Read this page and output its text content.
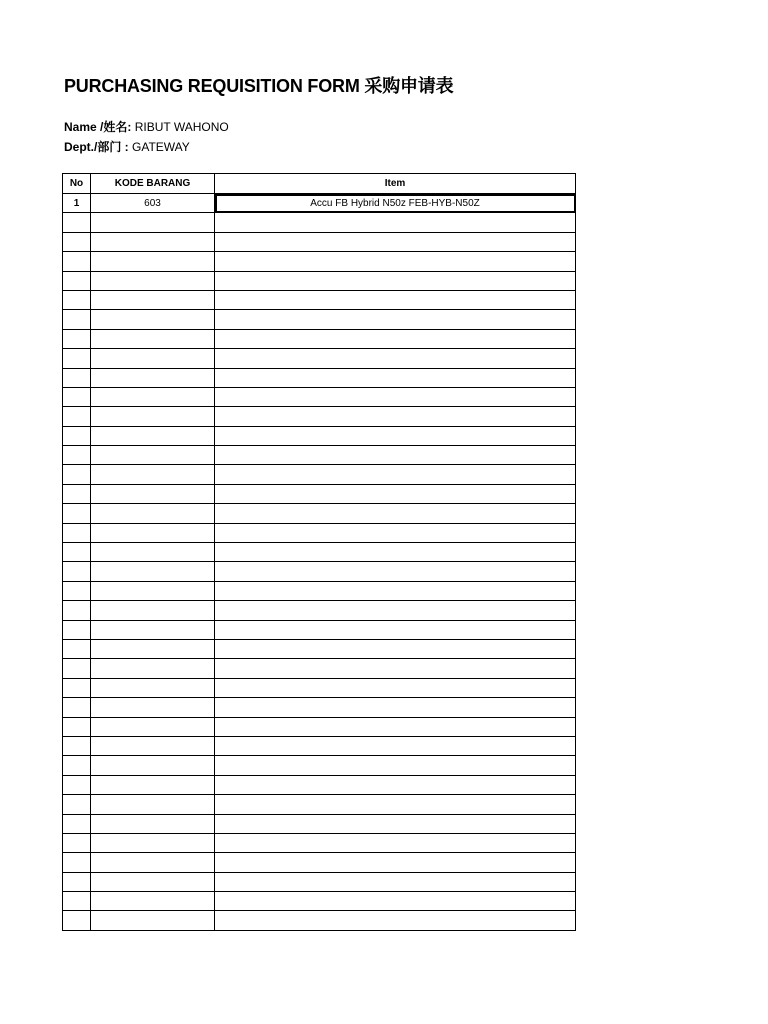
PURCHASING REQUISITION FORM 采购申请表
Name /姓名: RIBUT WAHONO
Dept./部门 : GATEWAY
No	KODE BARANG	Item
1	603	Accu FB Hybrid N50z FEB-HYB-N50Z
